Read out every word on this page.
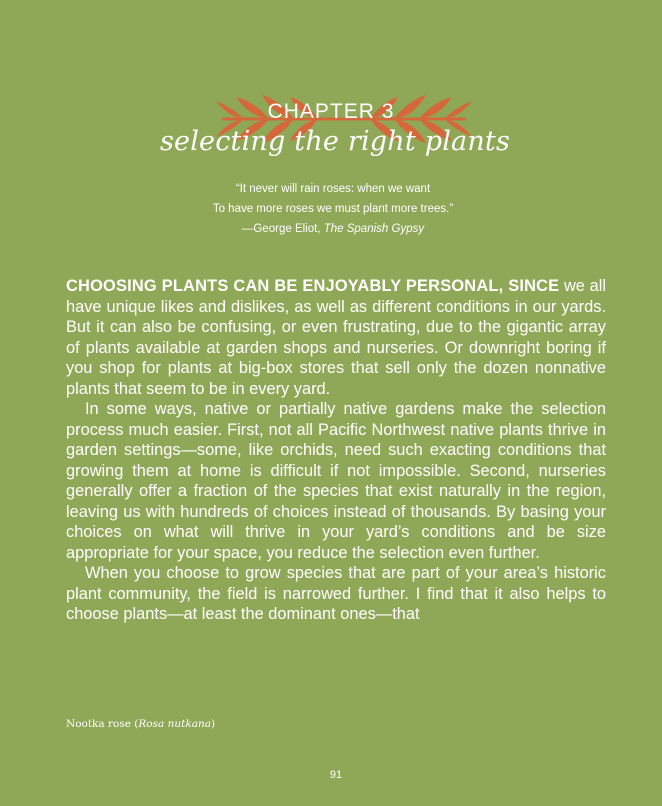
CHAPTER 3
selecting the right plants
“It never will rain roses: when we want
To have more roses we must plant more trees.”
—George Eliot, The Spanish Gypsy

CHOOSING PLANTS CAN BE ENJOYABLY PERSONAL, SINCE we all have unique likes and dislikes, as well as different conditions in our yards. But it can also be confusing, or even frustrating, due to the gigantic array of plants available at garden shops and nurseries. Or downright boring if you shop for plants at big-box stores that sell only the dozen nonnative plants that seem to be in every yard.

In some ways, native or partially native gardens make the selection process much easier. First, not all Pacific Northwest native plants thrive in garden settings—some, like orchids, need such exacting conditions that growing them at home is difficult if not impossible. Second, nurseries generally offer a fraction of the species that exist naturally in the region, leaving us with hundreds of choices instead of thousands. By basing your choices on what will thrive in your yard’s conditions and be size appropriate for your space, you reduce the selection even further.

When you choose to grow species that are part of your area’s historic plant community, the field is narrowed further. I find that it also helps to choose plants—at least the dominant ones—that

Nootka rose (Rosa nutkana)
91
